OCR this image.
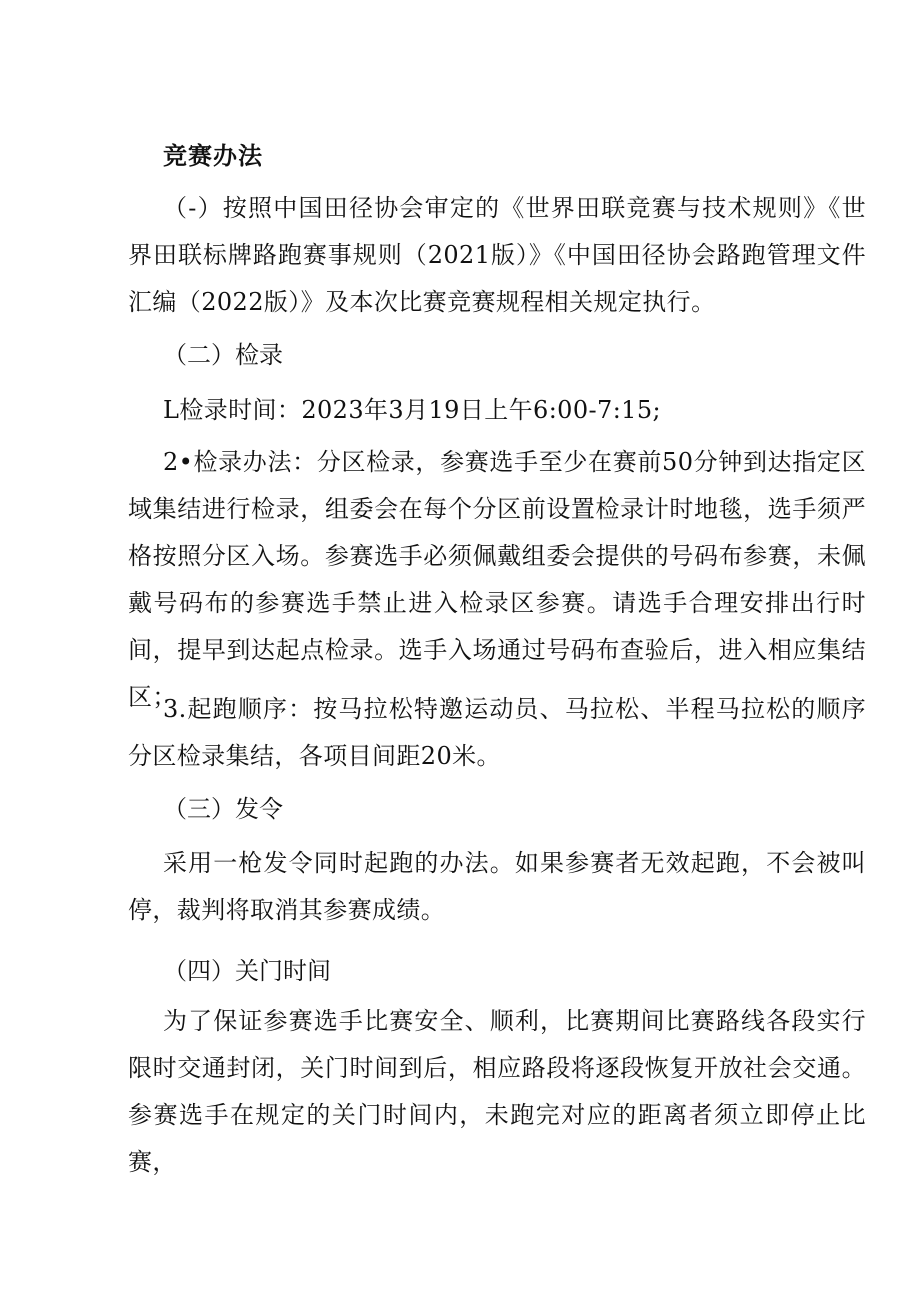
竞赛办法

（-）按照中国田径协会审定的《世界田联竞赛与技术规则》《世界田联标牌路跑赛事规则（2021版）》《中国田径协会路跑管理文件汇编（2022版）》及本次比赛竞赛规程相关规定执行。

（二）检录

L检录时间：2023年3月19日上午6:00-7:15;

2•检录办法：分区检录，参赛选手至少在赛前50分钟到达指定区域集结进行检录，组委会在每个分区前设置检录计时地毯，选手须严格按照分区入场。参赛选手必须佩戴组委会提供的号码布参赛，未佩戴号码布的参赛选手禁止进入检录区参赛。请选手合理安排出行时间，提早到达起点检录。选手入场通过号码布查验后，进入相应集结区；

3.起跑顺序：按马拉松特邀运动员、马拉松、半程马拉松的顺序分区检录集结，各项目间距20米。

（三）发令

采用一枪发令同时起跑的办法。如果参赛者无效起跑，不会被叫停，裁判将取消其参赛成绩。

（四）关门时间

为了保证参赛选手比赛安全、顺利，比赛期间比赛路线各段实行限时交通封闭，关门时间到后，相应路段将逐段恢复开放社会交通。参赛选手在规定的关门时间内，未跑完对应的距离者须立即停止比赛，
